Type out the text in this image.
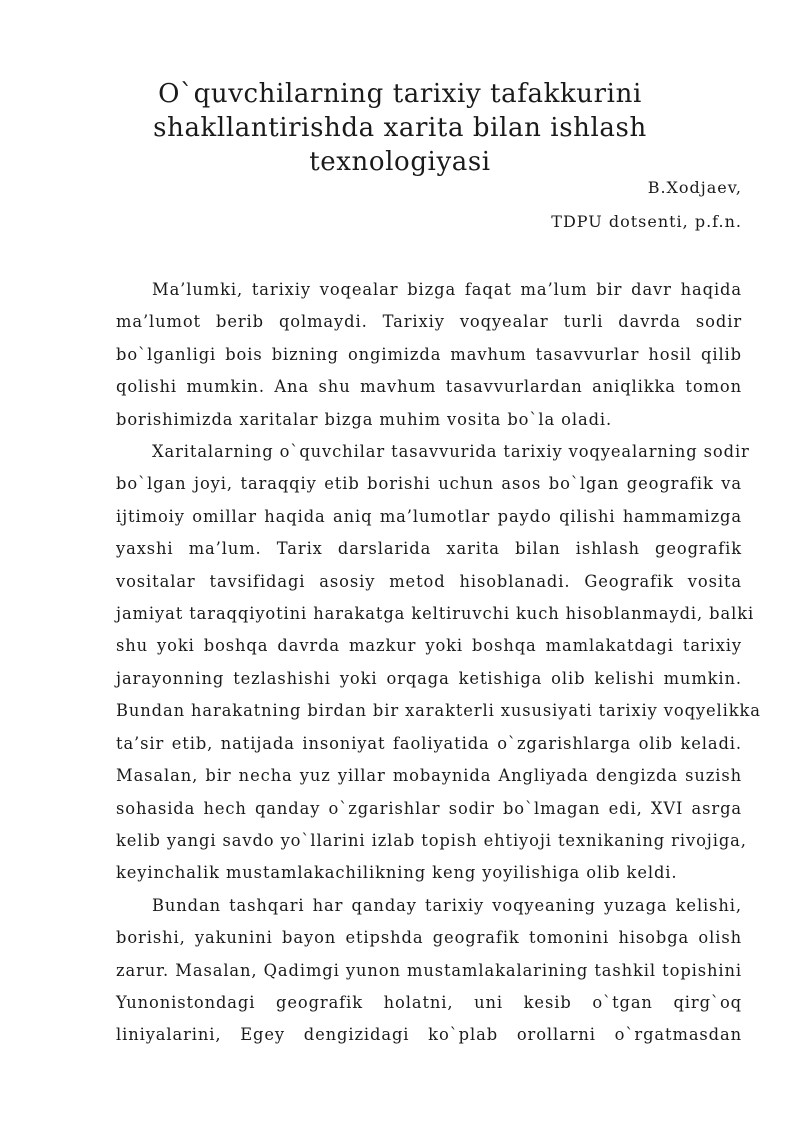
O`quvchilarning tarixiy tafakkurini
shakllantirishda xarita bilan ishlash
texnologiyasi
B.Xodjaev,
TDPU dotsenti, p.f.n.

Ma’lumki, tarixiy voqealar bizga faqat ma’lum bir davr haqida
ma’lumot berib qolmaydi. Tarixiy voqyealar turli davrda sodir
bo`lganligi bois bizning ongimizda mavhum tasavvurlar hosil qilib
qolishi mumkin. Ana shu mavhum tasavvurlardan aniqlikka tomon
borishimizda xaritalar bizga muhim vosita bo`la oladi.

Xaritalarning o`quvchilar tasavvurida tarixiy voqyealarning sodir
bo`lgan joyi, taraqqiy etib borishi uchun asos bo`lgan geografik va
ijtimoiy omillar haqida aniq ma’lumotlar paydo qilishi hammamizga
yaxshi ma’lum. Tarix darslarida xarita bilan ishlash geografik
vositalar tavsifidagi asosiy metod hisoblanadi. Geografik vosita
jamiyat taraqqiyotini harakatga keltiruvchi kuch hisoblanmaydi, balki
shu yoki boshqa davrda mazkur yoki boshqa mamlakatdagi tarixiy
jarayonning tezlashishi yoki orqaga ketishiga olib kelishi mumkin.
Bundan harakatning birdan bir xarakterli xususiyati tarixiy voqyelikka
ta’sir etib, natijada insoniyat faoliyatida o`zgarishlarga olib keladi.
Masalan, bir necha yuz yillar mobaynida Angliyada dengizda suzish
sohasida hech qanday o`zgarishlar sodir bo`lmagan edi, XVI asrga
kelib yangi savdo yo`llarini izlab topish ehtiyoji texnikaning rivojiga,
keyinchalik mustamlakachilikning keng yoyilishiga olib keldi.

Bundan tashqari har qanday tarixiy voqyeaning yuzaga kelishi,
borishi, yakunini bayon etipshda geografik tomonini hisobga olish
zarur. Masalan, Qadimgi yunon mustamlakalarining tashkil topishini
Yunonistondagi geografik holatni, uni kesib o`tgan qirg`oq
liniyalarini, Egey dengizidagi ko`plab orollarni o`rgatmasdan
